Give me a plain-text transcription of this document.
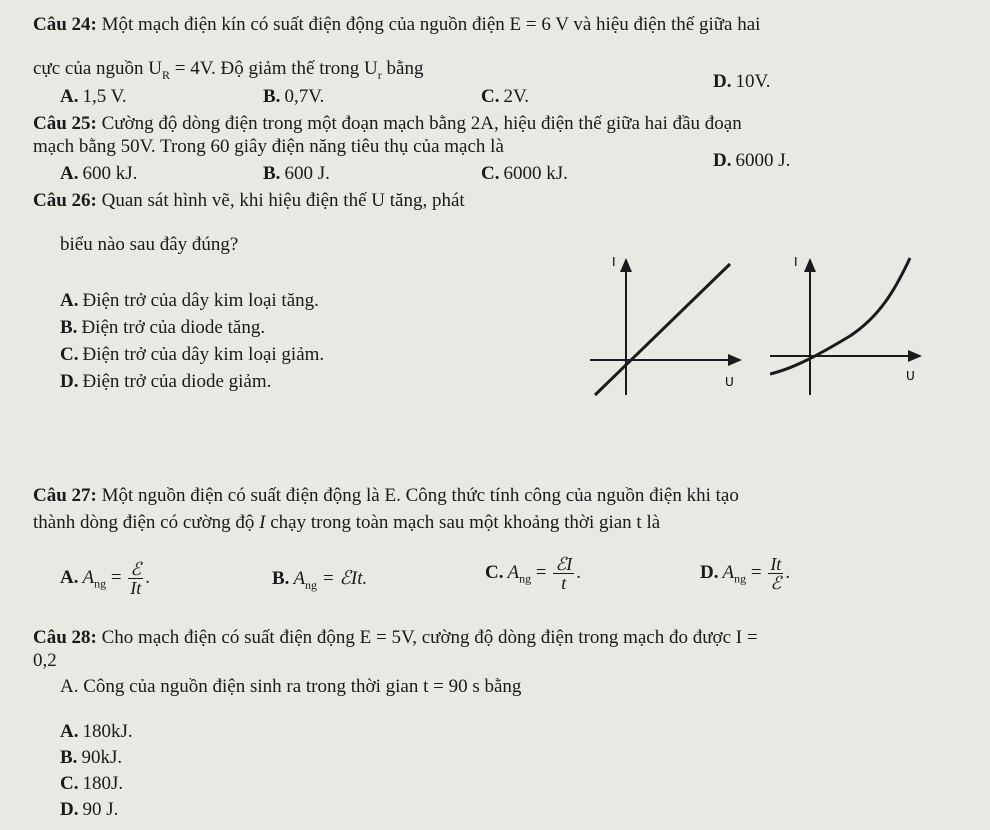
Câu 24: Một mạch điện kín có suất điện động của nguồn điện E = 6 V và hiệu điện thế giữa hai
cực của nguồn $U_R = 4V$. Độ giảm thế trong $U_r$ bằng
A. 1,5 V.	B. 0,7V.	C. 2V.
D. 10V.
Câu 25: Cường độ dòng điện trong một đoạn mạch bằng 2A, hiệu điện thế giữa hai đầu đoạn
mạch bằng 50V. Trong 60 giây điện năng tiêu thụ của mạch là
A. 600 kJ.	B. 600 J.	C. 6000 kJ.
D. 6000 J.
Câu 26: Quan sát hình vẽ, khi hiệu điện thế U tăng, phát
biểu nào sau đây đúng?
A. Điện trở của dây kim loại tăng.
B. Điện trở của diode tăng.
C. Điện trở của dây kim loại giảm.
D. Điện trở của diode giảm.
I
U
I
U
Câu 27: Một nguồn điện có suất điện động là E. Công thức tính công của nguồn điện khi tạo
thành dòng điện có cường độ I chạy trong toàn mạch sau một khoảng thời gian t là
A. $A_{ng} = \frac{\text{ℰ}}{It}$ .	B. $A_{ng}$ = ℰIt.	C. $A_{ng} = \frac{\text{ℰI}}{t}$ .	D. $A_{ng} = \frac{It}{\text{ℰ}}$ .
Câu 28: Cho mạch điện có suất điện động E = 5V, cường độ dòng điện trong mạch đo được I =
0,2
A. Công của nguồn điện sinh ra trong thời gian t = 90 s bằng
A. 180kJ.
B. 90kJ.
C. 180J.
D. 90 J.
